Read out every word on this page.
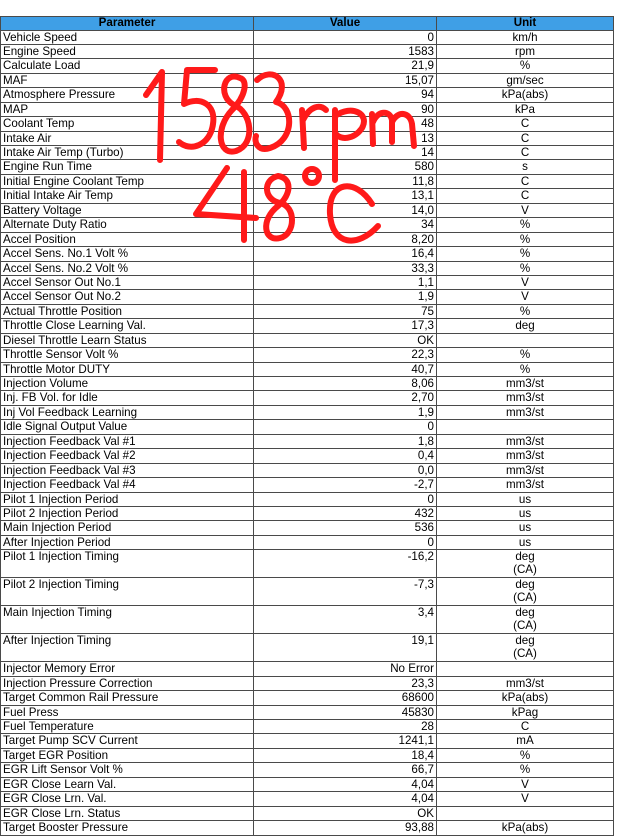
Parameter	Value	Unit
Vehicle Speed	0	km/h
Engine Speed	1583	rpm
Calculate Load	21,9	%
MAF	15,07	gm/sec
Atmosphere Pressure	94	kPa(abs)
MAP	90	kPa
Coolant Temp	48	C
Intake Air	13	C
Intake Air Temp (Turbo)	14	C
Engine Run Time	580	s
Initial Engine Coolant Temp	11,8	C
Initial Intake Air Temp	13,1	C
Battery Voltage	14,0	V
Alternate Duty Ratio	34	%
Accel Position	8,20	%
Accel Sens. No.1 Volt %	16,4	%
Accel Sens. No.2 Volt %	33,3	%
Accel Sensor Out No.1	1,1	V
Accel Sensor Out No.2	1,9	V
Actual Throttle Position	75	%
Throttle Close Learning Val.	17,3	deg
Diesel Throttle Learn Status	OK	
Throttle Sensor Volt %	22,3	%
Throttle Motor DUTY	40,7	%
Injection Volume	8,06	mm3/st
Inj. FB Vol. for Idle	2,70	mm3/st
Inj Vol Feedback Learning	1,9	mm3/st
Idle Signal Output Value	0	
Injection Feedback Val #1	1,8	mm3/st
Injection Feedback Val #2	0,4	mm3/st
Injection Feedback Val #3	0,0	mm3/st
Injection Feedback Val #4	-2,7	mm3/st
Pilot 1 Injection Period	0	us
Pilot 2 Injection Period	432	us
Main Injection Period	536	us
After Injection Period	0	us
Pilot 1 Injection Timing	-16,2	deg
(CA)
Pilot 2 Injection Timing	-7,3	deg
(CA)
Main Injection Timing	3,4	deg
(CA)
After Injection Timing	19,1	deg
(CA)
Injector Memory Error	No Error	
Injection Pressure Correction	23,3	mm3/st
Target Common Rail Pressure	68600	kPa(abs)
Fuel Press	45830	kPag
Fuel Temperature	28	C
Target Pump SCV Current	1241,1	mA
Target EGR Position	18,4	%
EGR Lift Sensor Volt %	66,7	%
EGR Close Learn Val.	4,04	V
EGR Close Lrn. Val.	4,04	V
EGR Close Lrn. Status	OK	
Target Booster Pressure	93,88	kPa(abs)
